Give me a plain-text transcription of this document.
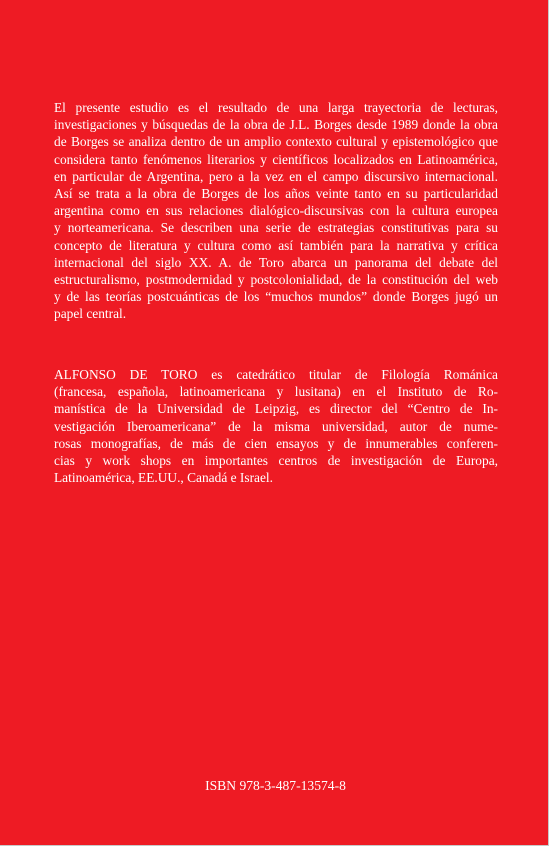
El presente estudio es el resultado de una larga trayectoria de lecturas,
investigaciones y búsquedas de la obra de J.L. Borges desde 1989 donde la obra
de Borges se analiza dentro de un amplio contexto cultural y epistemológico que
considera tanto fenómenos literarios y científicos localizados en Latinoamérica,
en particular de Argentina, pero a la vez en el campo discursivo internacional.
Así se trata a la obra de Borges de los años veinte tanto en su particularidad
argentina como en sus relaciones dialógico-discursivas con la cultura europea
y norteamericana. Se describen una serie de estrategias constitutivas para su
concepto de literatura y cultura como así también para la narrativa y crítica
internacional del siglo XX. A. de Toro abarca un panorama del debate del
estructuralismo, postmodernidad y postcolonialidad, de la constitución del web
y de las teorías postcuánticas de los “muchos mundos” donde Borges jugó un
papel central.
ALFONSO DE TORO es catedrático titular de Filología Románica
(francesa, española, latinoamericana y lusitana) en el Instituto de Ro-
manística de la Universidad de Leipzig, es director del “Centro de In-
vestigación Iberoamericana” de la misma universidad, autor de nume-
rosas monografías, de más de cien ensayos y de innumerables conferen-
cias y work shops en importantes centros de investigación de Europa,
Latinoamérica, EE.UU., Canadá e Israel.
ISBN 978-3-487-13574-8
